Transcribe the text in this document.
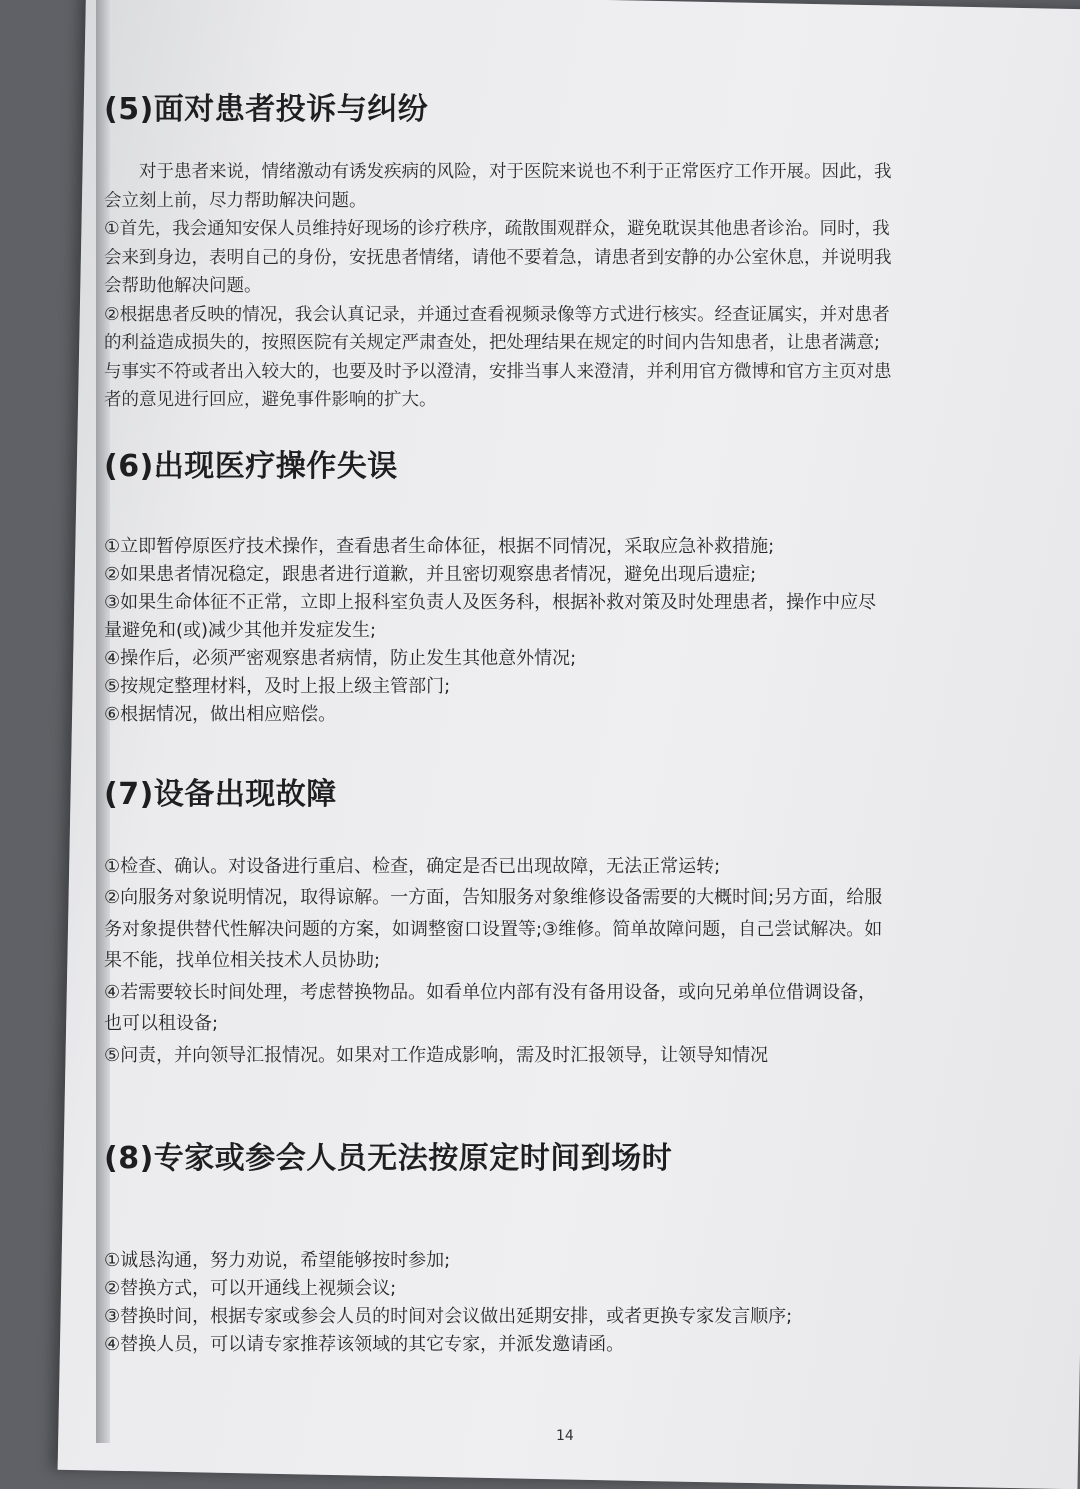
(5)面对患者投诉与纠纷

对于患者来说，情绪激动有诱发疾病的风险，对于医院来说也不利于正常医疗工作开展。因此，我会立刻上前，尽力帮助解决问题。

①首先，我会通知安保人员维持好现场的诊疗秩序，疏散围观群众，避免耽误其他患者诊治。同时，我会来到身边，表明自己的身份，安抚患者情绪，请他不要着急，请患者到安静的办公室休息，并说明我会帮助他解决问题。

②根据患者反映的情况，我会认真记录，并通过查看视频录像等方式进行核实。经查证属实，并对患者的利益造成损失的，按照医院有关规定严肃查处，把处理结果在规定的时间内告知患者，让患者满意;与事实不符或者出入较大的，也要及时予以澄清，安排当事人来澄清，并利用官方微博和官方主页对患者的意见进行回应，避免事件影响的扩大。

(6)出现医疗操作失误

①立即暂停原医疗技术操作，查看患者生命体征，根据不同情况，采取应急补救措施;

②如果患者情况稳定，跟患者进行道歉，并且密切观察患者情况，避免出现后遗症;

③如果生命体征不正常，立即上报科室负责人及医务科，根据补救对策及时处理患者，操作中应尽量避免和(或)减少其他并发症发生;

④操作后，必须严密观察患者病情，防止发生其他意外情况;

⑤按规定整理材料，及时上报上级主管部门;

⑥根据情况，做出相应赔偿。

(7)设备出现故障

①检查、确认。对设备进行重启、检查，确定是否已出现故障，无法正常运转;

②向服务对象说明情况，取得谅解。一方面，告知服务对象维修设备需要的大概时间;另方面，给服务对象提供替代性解决问题的方案，如调整窗口设置等;③维修。简单故障问题，自己尝试解决。如果不能，找单位相关技术人员协助;

④若需要较长时间处理，考虑替换物品。如看单位内部有没有备用设备，或向兄弟单位借调设备，也可以租设备;

⑤问责，并向领导汇报情况。如果对工作造成影响，需及时汇报领导，让领导知情况

(8)专家或参会人员无法按原定时间到场时

①诚恳沟通，努力劝说，希望能够按时参加;

②替换方式，可以开通线上视频会议;

③替换时间，根据专家或参会人员的时间对会议做出延期安排，或者更换专家发言顺序;

④替换人员，可以请专家推荐该领域的其它专家，并派发邀请函。

14
